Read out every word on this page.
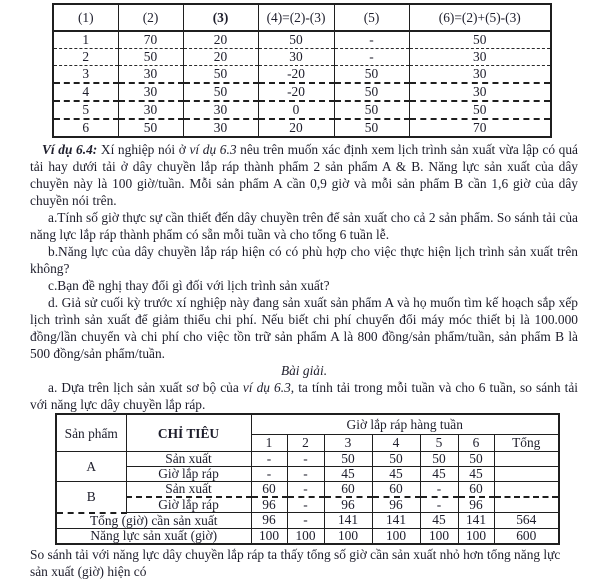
(1)	(2)	(3)	(4)=(2)-(3)	(5)	(6)=(2)+(5)-(3)
1	70	20	50	-	50
2	50	20	30	-	30
3	30	50	-20	50	30
4	30	50	-20	50	30
5	30	30	0	50	50
6	50	30	20	50	70

Ví dụ 6.4: Xí nghiệp nói ở ví dụ 6.3 nêu trên muốn xác định xem lịch trình sản xuất vừa lập có quá tải hay dưới tải ở dây chuyền lắp ráp thành phẩm 2 sản phẩm A & B. Năng lực sản xuất của dây chuyền này là 100 giờ/tuần. Mỗi sản phẩm A cần 0,9 giờ và mỗi sản phẩm B cần 1,6 giờ của dây chuyền nói trên.

a.Tính số giờ thực sự cần thiết đến dây chuyền trên để sản xuất cho cả 2 sản phẩm. So sánh tải của năng lực lắp ráp thành phẩm có sẵn mỗi tuần và cho tổng 6 tuần lễ.

b.Năng lực của dây chuyền lắp ráp hiện có có phù hợp cho việc thực hiện lịch trình sản xuất trên không?

c.Bạn đề nghị thay đổi gì đối với lịch trình sản xuất?

d. Giả sử cuối kỳ trước xí nghiệp này đang sản xuất sản phẩm A và họ muốn tìm kế hoạch sắp xếp lịch trình sản xuất để giảm thiểu chi phí. Nếu biết chi phí chuyển đổi máy móc thiết bị là 100.000 đồng/lần chuyển và chi phí cho việc tồn trữ sản phẩm A là 800 đồng/sản phẩm/tuần, sản phẩm B là 500 đồng/sản phẩm/tuần.

Bài giải.

a. Dựa trên lịch sản xuất sơ bộ của ví dụ 6.3, ta tính tải trong mỗi tuần và cho 6 tuần, so sánh tải với năng lực dây chuyền lắp ráp.

Sản phẩm	CHỈ TIÊU	Giờ lắp ráp hàng tuần						
		1	2	3	4	5	6	Tổng
A	Sản xuất	-	-	50	50	50	50	
	Giờ lắp ráp	-	-	45	45	45	45	
B	Sản xuất	60	-	60	60	-	60	
	Giờ lắp ráp	96	-	96	96	-	96	
Tổng (giờ) cần sản xuất		96	-	141	141	45	141	564
Năng lực sản xuất (giờ)		100	100	100	100	100	100	600
So sánh tải với năng lực dây chuyền lắp ráp ta thấy tổng số giờ cần sản xuất nhỏ hơn tổng năng lực sản xuất (giờ) hiện có
